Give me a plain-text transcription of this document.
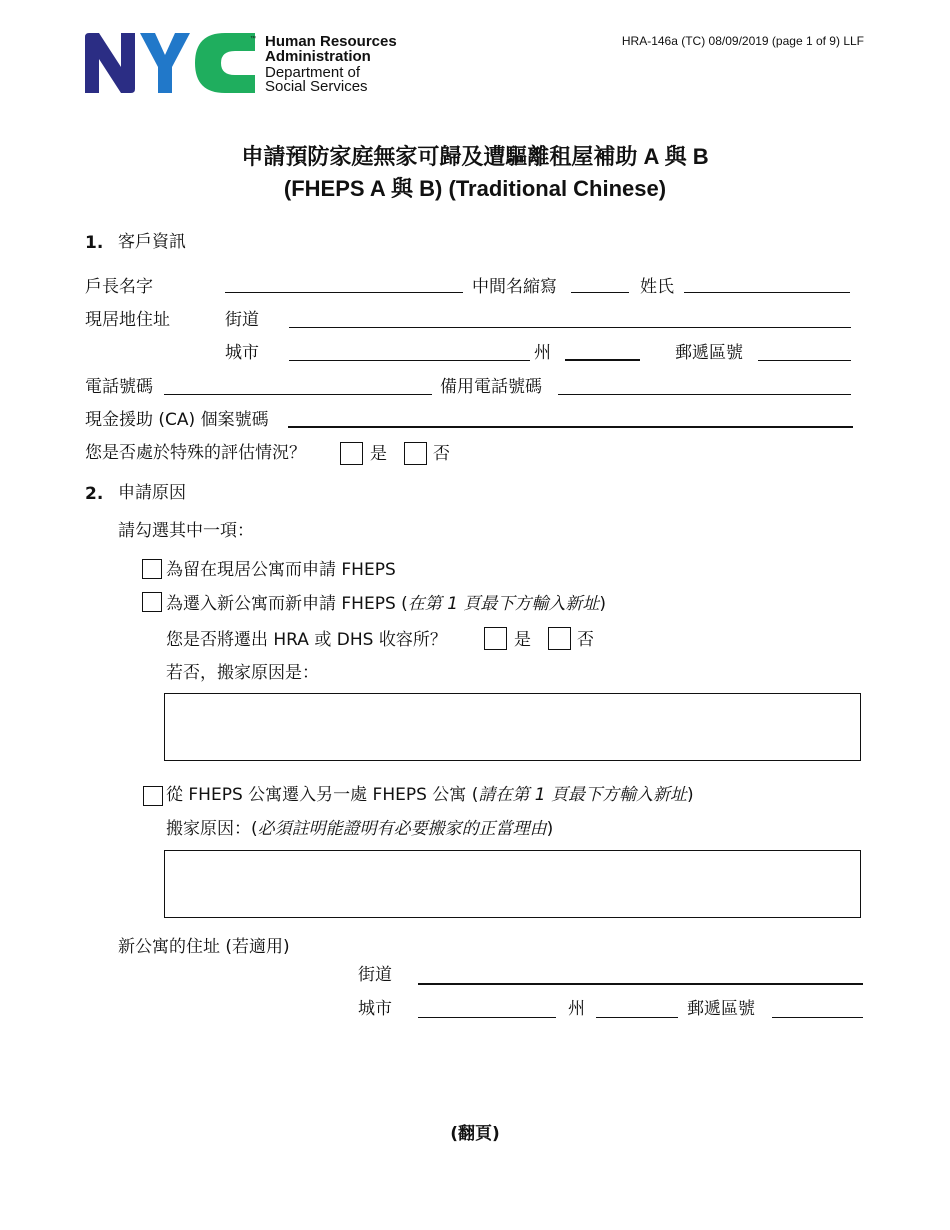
™ Human Resources
Administration
Department of
Social Services
HRA-146a (TC) 08/09/2019 (page 1 of 9) LLF
申請預防家庭無家可歸及遭驅離租屋補助 A 與 B
(FHEPS A 與 B) (Traditional Chinese)
1. 客戶資訊
戶長名字	中間名縮寫	姓氏
現居地住址	街道
城市	州	郵遞區號
電話號碼	備用電話號碼
現金援助 (CA) 個案號碼
您是否處於特殊的評估情況？	是	否
2. 申請原因
請勾選其中一項：
為留在現居公寓而申請 FHEPS
為遷入新公寓而新申請 FHEPS (在第 1 頁最下方輸入新址)
您是否將遷出 HRA 或 DHS 收容所？	是	否
若否，搬家原因是：
從 FHEPS 公寓遷入另一處 FHEPS 公寓 (請在第 1 頁最下方輸入新址)
搬家原因：(必須註明能證明有必要搬家的正當理由)
新公寓的住址 (若適用)
街道
城市	州	郵遞區號
(翻頁)
